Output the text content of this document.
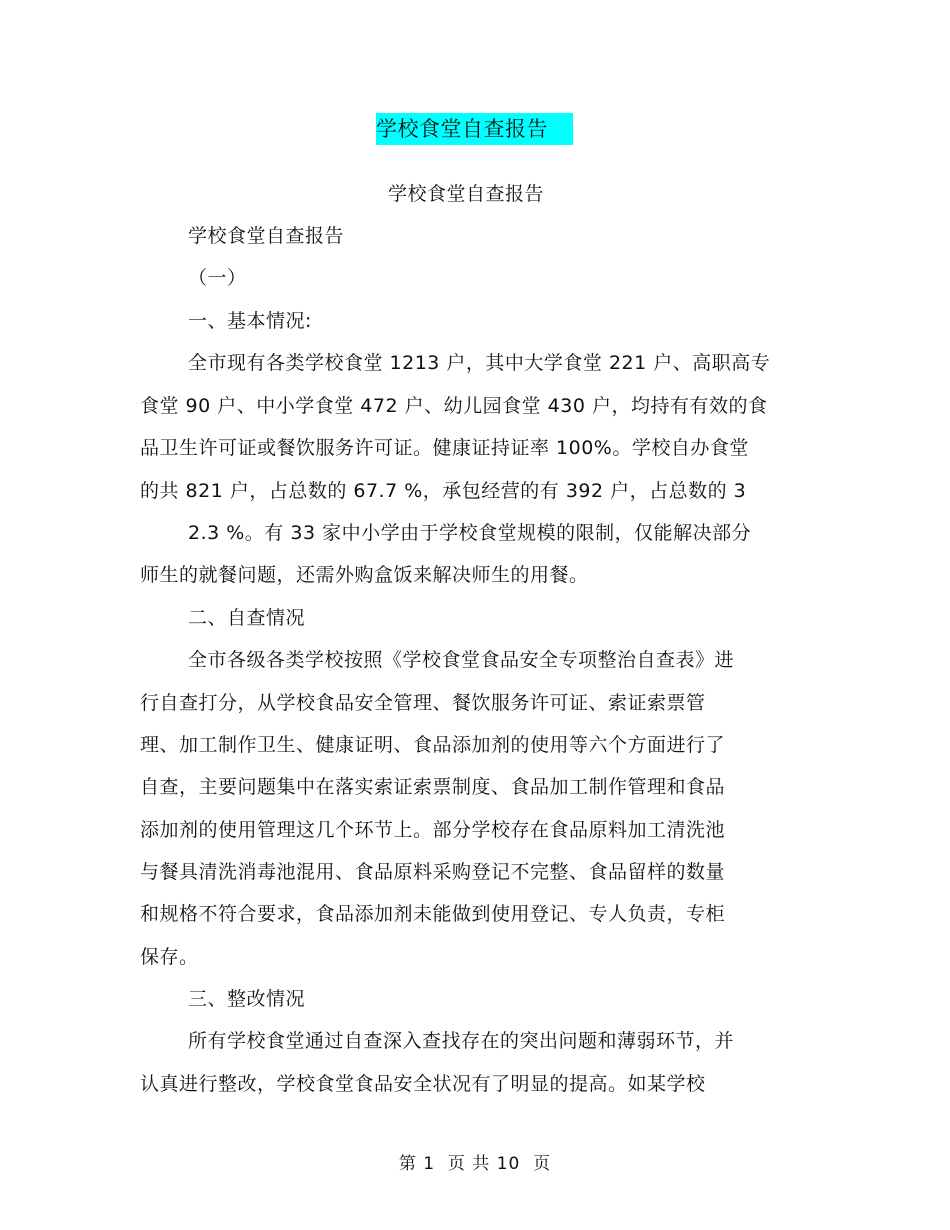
学校食堂自查报告
学校食堂自查报告
学校食堂自查报告
（一）
一、基本情况:
全市现有各类学校食堂 1213 户，其中大学食堂 221 户、高职高专
食堂 90 户、中小学食堂 472 户、幼儿园食堂 430 户，均持有有效的食
品卫生许可证或餐饮服务许可证。健康证持证率 100%。学校自办食堂
的共 821 户，占总数的 67.7 %，承包经营的有 392 户，占总数的 3
2.3 %。有 33 家中小学由于学校食堂规模的限制，仅能解决部分
师生的就餐问题，还需外购盒饭来解决师生的用餐。
二、自查情况
全市各级各类学校按照《学校食堂食品安全专项整治自查表》进
行自查打分，从学校食品安全管理、餐饮服务许可证、索证索票管
理、加工制作卫生、健康证明、食品添加剂的使用等六个方面进行了
自查，主要问题集中在落实索证索票制度、食品加工制作管理和食品
添加剂的使用管理这几个环节上。部分学校存在食品原料加工清洗池
与餐具清洗消毒池混用、食品原料采购登记不完整、食品留样的数量
和规格不符合要求，食品添加剂未能做到使用登记、专人负责，专柜
保存。
三、整改情况
所有学校食堂通过自查深入查找存在的突出问题和薄弱环节，并
认真进行整改，学校食堂食品安全状况有了明显的提高。如某学校
第 1  页 共 10  页
